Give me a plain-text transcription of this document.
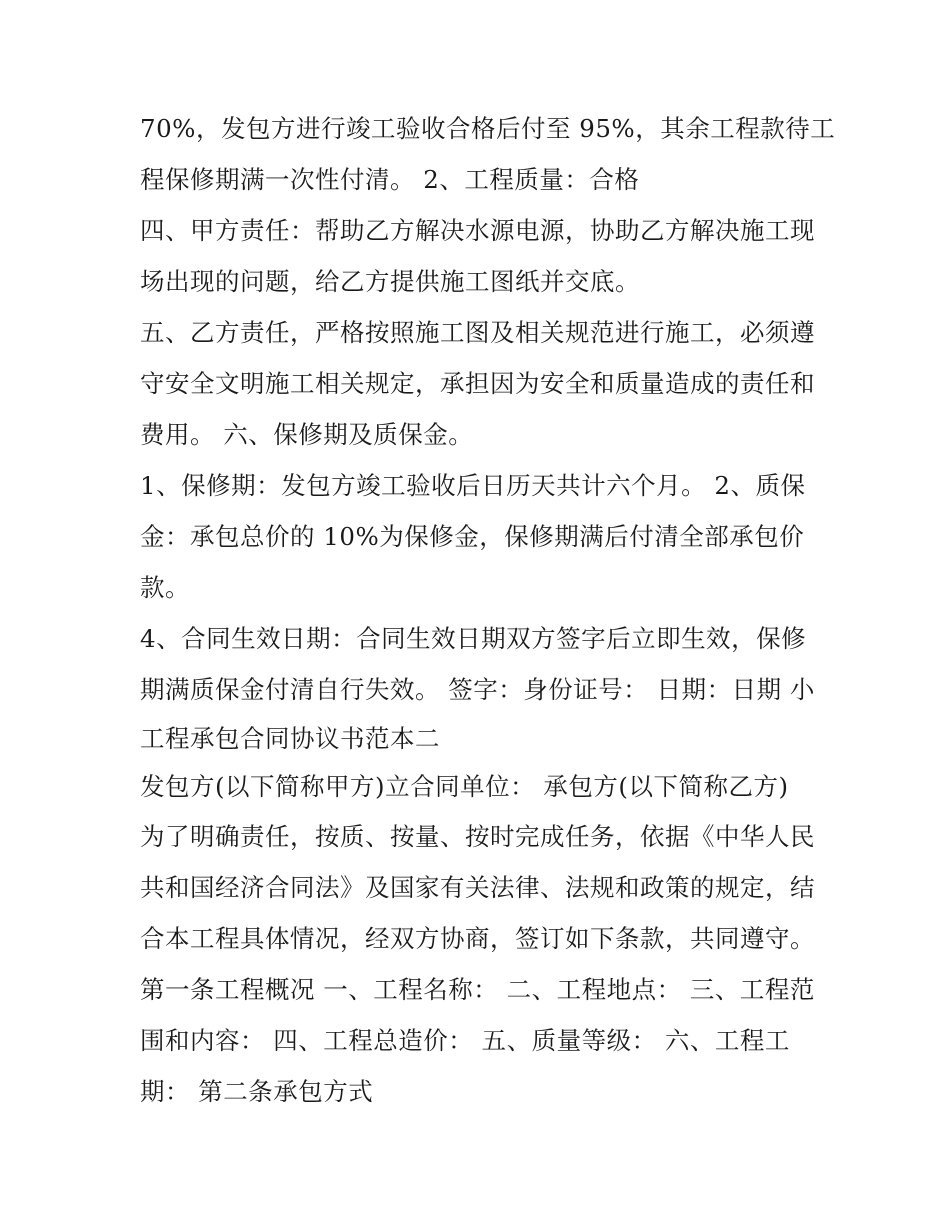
70%，发包方进行竣工验收合格后付至 95%，其余工程款待工
程保修期满一次性付清。 2、工程质量：合格
四、甲方责任：帮助乙方解决水源电源，协助乙方解决施工现
场出现的问题，给乙方提供施工图纸并交底。
五、乙方责任，严格按照施工图及相关规范进行施工，必须遵
守安全文明施工相关规定，承担因为安全和质量造成的责任和
费用。 六、保修期及质保金。
1、保修期：发包方竣工验收后日历天共计六个月。 2、质保
金：承包总价的 10%为保修金，保修期满后付清全部承包价
款。
4、合同生效日期：合同生效日期双方签字后立即生效，保修
期满质保金付清自行失效。 签字：身份证号： 日期：日期 小
工程承包合同协议书范本二
发包方(以下简称甲方)立合同单位： 承包方(以下简称乙方)
为了明确责任，按质、按量、按时完成任务，依据《中华人民
共和国经济合同法》及国家有关法律、法规和政策的规定，结
合本工程具体情况，经双方协商，签订如下条款，共同遵守。
第一条工程概况 一、工程名称： 二、工程地点： 三、工程范
围和内容： 四、工程总造价： 五、质量等级： 六、工程工
期： 第二条承包方式
